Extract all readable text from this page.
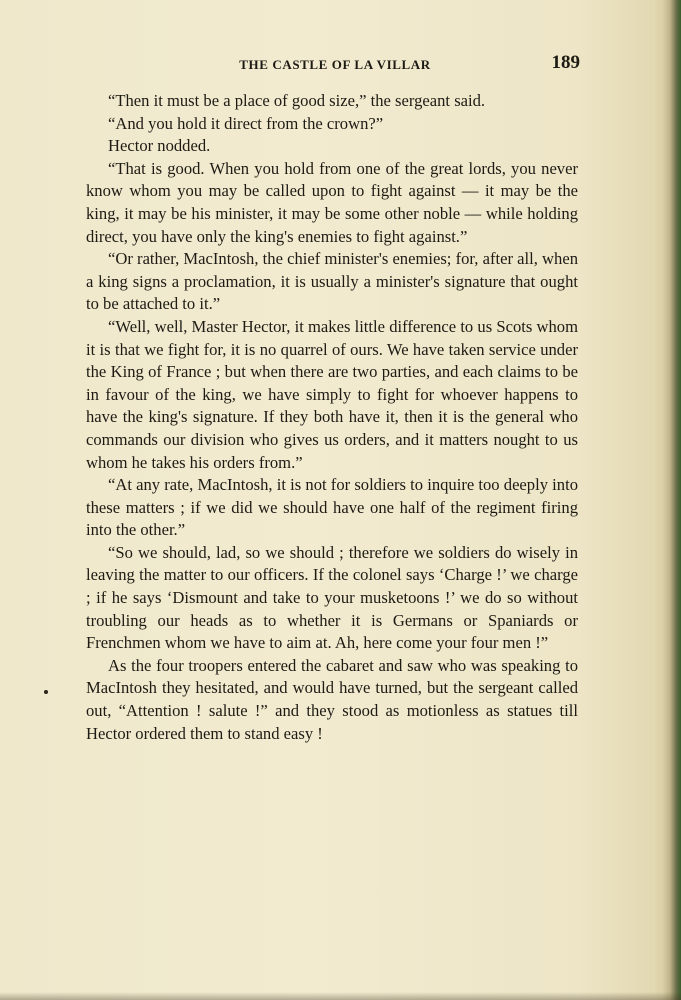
THE CASTLE OF LA VILLAR	189

“Then it must be a place of good size,” the sergeant said.

“And you hold it direct from the crown?”

Hector nodded.

“That is good. When you hold from one of the great lords, you never know whom you may be called upon to fight against — it may be the king, it may be his minister, it may be some other noble — while holding direct, you have only the king's enemies to fight against.”

“Or rather, MacIntosh, the chief minister's enemies; for, after all, when a king signs a proclamation, it is usually a minister's signature that ought to be attached to it.”

“Well, well, Master Hector, it makes little difference to us Scots whom it is that we fight for, it is no quarrel of ours. We have taken service under the King of France ; but when there are two parties, and each claims to be in favour of the king, we have simply to fight for whoever happens to have the king's signature. If they both have it, then it is the general who commands our division who gives us orders, and it matters nought to us whom he takes his orders from.”

“At any rate, MacIntosh, it is not for soldiers to inquire too deeply into these matters ; if we did we should have one half of the regiment firing into the other.”

“So we should, lad, so we should ; therefore we soldiers do wisely in leaving the matter to our officers. If the colonel says ‘Charge !’ we charge ; if he says ‘Dismount and take to your musketoons !’ we do so without troubling our heads as to whether it is Germans or Spaniards or Frenchmen whom we have to aim at. Ah, here come your four men !”

As the four troopers entered the cabaret and saw who was speaking to MacIntosh they hesitated, and would have turned, but the sergeant called out, “Attention ! salute !” and they stood as motionless as statues till Hector ordered them to stand easy !
